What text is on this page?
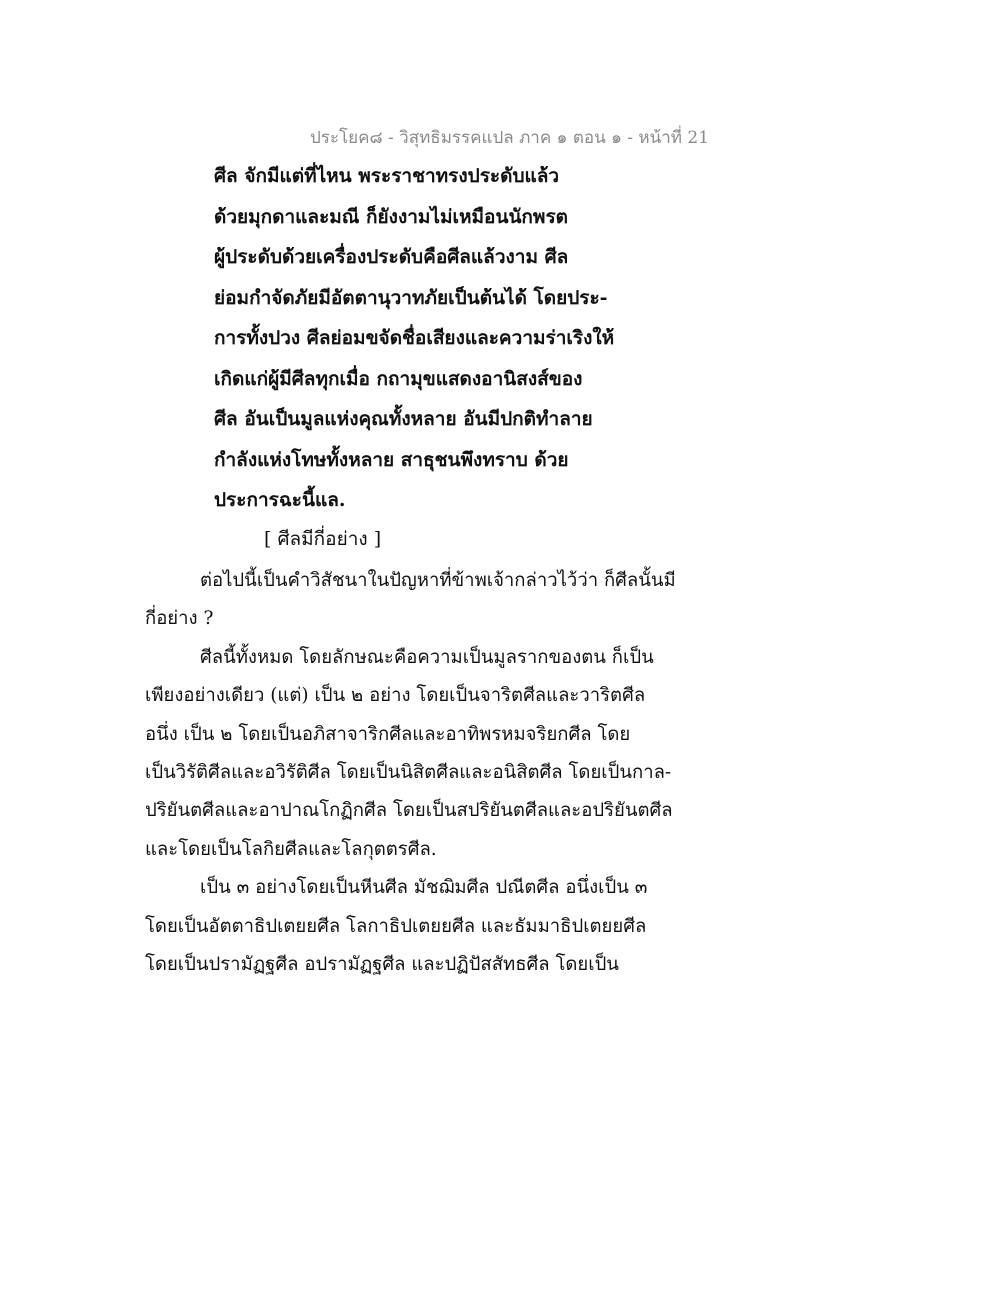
ประโยค๘ - วิสุทธิมรรคแปล ภาค ๑ ตอน ๑ - หน้าที่ 21
ศีล จักมีแต่ที่ไหน พระราชาทรงประดับแล้ว
ด้วยมุกดาและมณี ก็ยังงามไม่เหมือนนักพรต
ผู้ประดับด้วยเครื่องประดับคือศีลแล้วงาม ศีล
ย่อมกำจัดภัยมีอัตตานุวาทภัยเป็นต้นได้ โดยประ-
การทั้งปวง ศีลย่อมขจัดชื่อเสียงและความร่าเริงให้
เกิดแก่ผู้มีศีลทุกเมื่อ กถามุขแสดงอานิสงส์ของ
ศีล อันเป็นมูลแห่งคุณทั้งหลาย อันมีปกติทำลาย
กำลังแห่งโทษทั้งหลาย สาธุชนพึงทราบ ด้วย
ประการฉะนี้แล.
[ ศีลมีกี่อย่าง ]
ต่อไปนี้เป็นคำวิสัชนาในปัญหาที่ข้าพเจ้ากล่าวไว้ว่า ก็ศีลนั้นมี
กี่อย่าง ?
ศีลนี้ทั้งหมด โดยลักษณะคือความเป็นมูลรากของตน ก็เป็น
เพียงอย่างเดียว (แต่) เป็น ๒ อย่าง โดยเป็นจาริตศีลและวาริตศีล
อนึ่ง เป็น ๒ โดยเป็นอภิสาจาริกศีลและอาทิพรหมจริยกศีล โดย
เป็นวิรัติศีลและอวิรัติศีล โดยเป็นนิสิตศีลและอนิสิตศีล โดยเป็นกาล-
ปริยันตศีลและอาปาณโกฏิกศีล โดยเป็นสปริยันตศีลและอปริยันตศีล
และโดยเป็นโลกิยศีลและโลกุตตรศีล.
เป็น ๓ อย่างโดยเป็นหีนศีล มัชฌิมศีล ปณีตศีล อนึ่งเป็น ๓
โดยเป็นอัตตาธิปเตยยศีล โลกาธิปเตยยศีล และธัมมาธิปเตยยศีล
โดยเป็นปรามัฏฐศีล อปรามัฏฐศีล และปฏิปัสสัทธศีล โดยเป็น
